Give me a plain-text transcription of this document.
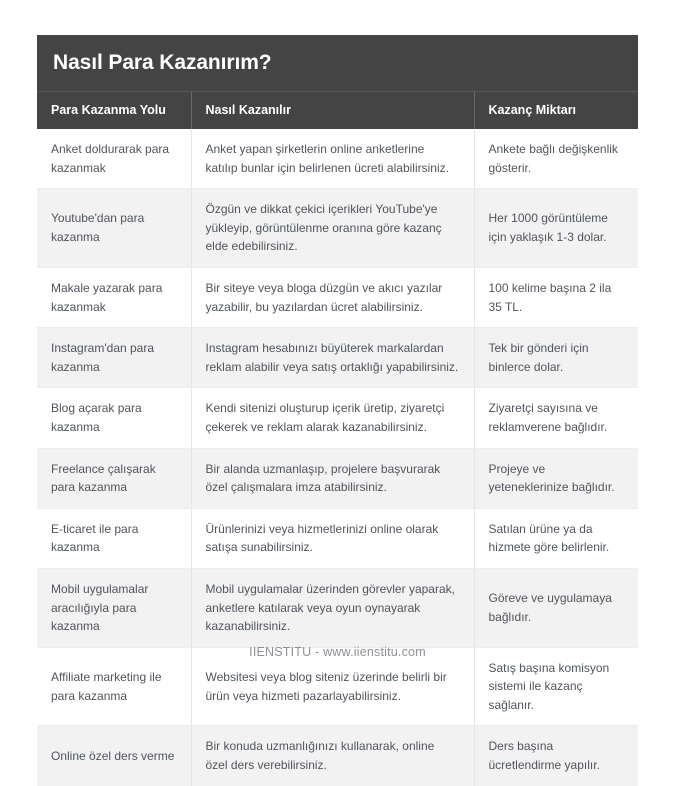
Nasıl Para Kazanırım?		
Para Kazanma Yolu	Nasıl Kazanılır	Kazanç Miktarı
Anket doldurarak para kazanmak	Anket yapan şirketlerin online anketlerine katılıp bunlar için belirlenen ücreti alabilirsiniz.	Ankete bağlı değişkenlik gösterir.
Youtube'dan para kazanma	Özgün ve dikkat çekici içerikleri YouTube'ye yükleyip, görüntülenme oranına göre kazanç elde edebilirsiniz.	Her 1000 görüntüleme için yaklaşık 1-3 dolar.
Makale yazarak para kazanmak	Bir siteye veya bloga düzgün ve akıcı yazılar yazabilir, bu yazılardan ücret alabilirsiniz.	100 kelime başına 2 ila 35 TL.
Instagram'dan para kazanma	Instagram hesabınızı büyüterek markalardan reklam alabilir veya satış ortaklığı yapabilirsiniz.	Tek bir gönderi için binlerce dolar.
Blog açarak para kazanma	Kendi sitenizi oluşturup içerik üretip, ziyaretçi çekerek ve reklam alarak kazanabilirsiniz.	Ziyaretçi sayısına ve reklamverene bağlıdır.
Freelance çalışarak para kazanma	Bir alanda uzmanlaşıp, projelere başvurarak özel çalışmalara imza atabilirsiniz.	Projeye ve yeteneklerinize bağlıdır.
E-ticaret ile para kazanma	Ürünlerinizi veya hizmetlerinizi online olarak satışa sunabilirsiniz.	Satılan ürüne ya da hizmete göre belirlenir.
Mobil uygulamalar aracılığıyla para kazanma	Mobil uygulamalar üzerinden görevler yaparak, anketlere katılarak veya oyun oynayarak kazanabilirsiniz.	Göreve ve uygulamaya bağlıdır.
Affiliate marketing ile para kazanma	Websitesi veya blog siteniz üzerinde belirli bir ürün veya hizmeti pazarlayabilirsiniz.	Satış başına komisyon sistemi ile kazanç sağlanır.
Online özel ders verme	Bir konuda uzmanlığınızı kullanarak, online özel ders verebilirsiniz.	Ders başına ücretlendirme yapılır.
IIENSTITU - www.iienstitu.com
